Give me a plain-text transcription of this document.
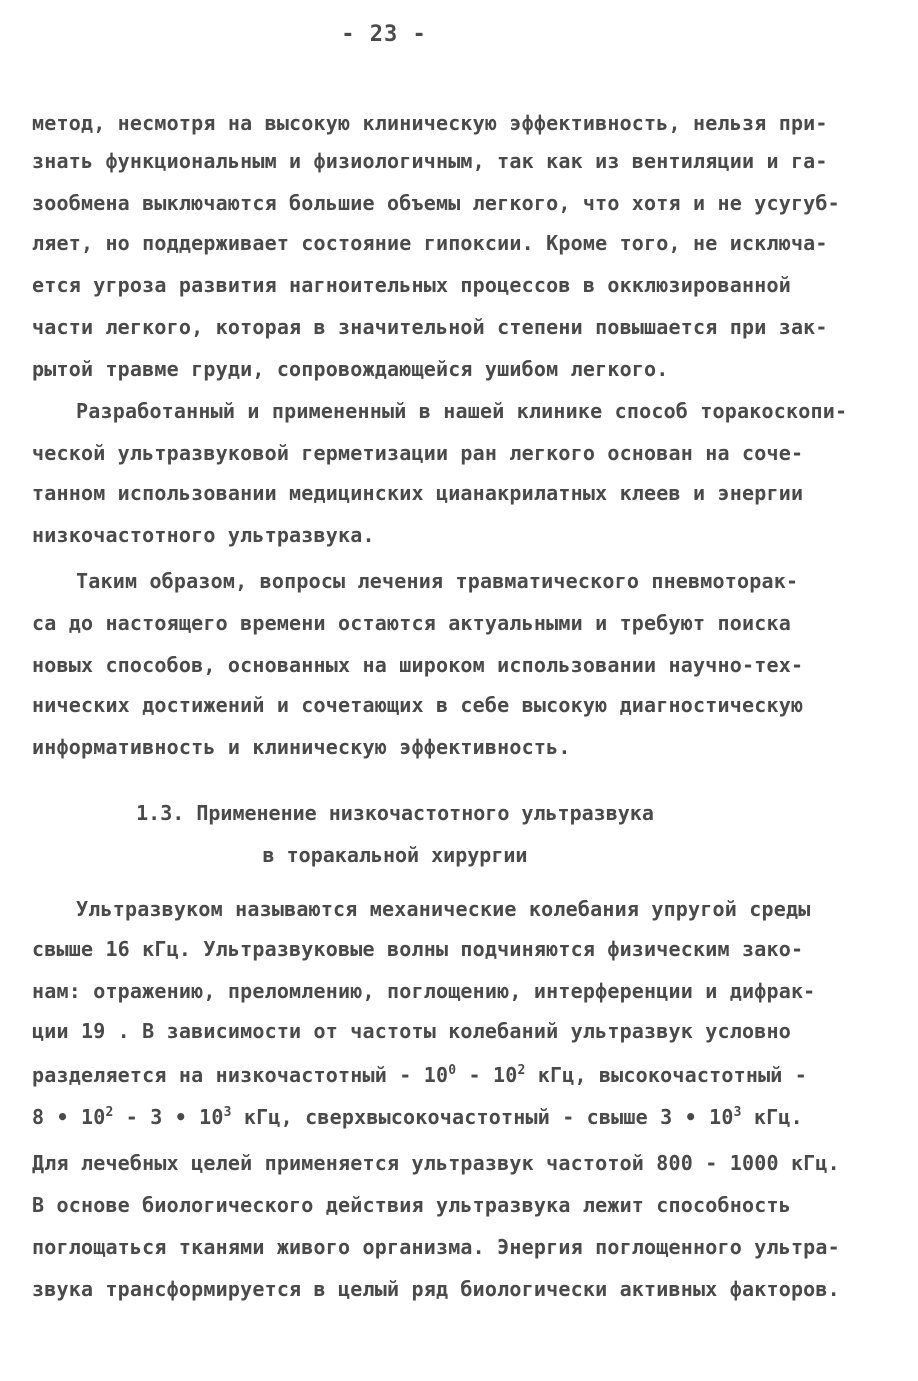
- 23 -
метод, несмотря на высокую клиническую эффективность, нельзя при-
знать функциональным и физиологичным, так как из вентиляции и га-
зообмена выключаются большие объемы легкого, что хотя и не усугуб-
ляет, но поддерживает состояние гипоксии. Кроме того, не исключа-
ется угроза развития нагноительных процессов в окклюзированной
части легкого, которая в значительной степени повышается при зак-
рытой травме груди, сопровождающейся ушибом легкого.
Разработанный и примененный в нашей клинике способ торакоскопи-
ческой ультразвуковой герметизации ран легкого основан на соче-
танном использовании медицинских цианакрилатных клеев и энергии
низкочастотного ультразвука.
Таким образом, вопросы лечения травматического пневмоторак-
са до настоящего времени остаются актуальными и требуют поиска
новых способов, основанных на широком использовании научно-тех-
нических достижений и сочетающих в себе высокую диагностическую
информативность и клиническую эффективность.
1.3. Применение низкочастотного ультразвука
в торакальной хирургии
Ультразвуком называются механические колебания упругой среды
свыше 16 кГц. Ультразвуковые волны подчиняются физическим зако-
нам: отражению, преломлению, поглощению, интерференции и дифрак-
ции 19 . В зависимости от частоты колебаний ультразвук условно
разделяется на низкочастотный - $10^0 - 10^2$ кГц, высокочастотный -
8 • $10^2 - 3$ • $10^3$ кГц, сверхвысокочастотный - свыше 3 • $10^3$ кГц.
Для лечебных целей применяется ультразвук частотой 800 - 1000 кГц.
В основе биологического действия ультразвука лежит способность
поглощаться тканями живого организма. Энергия поглощенного ультра-
звука трансформируется в целый ряд биологически активных факторов.
